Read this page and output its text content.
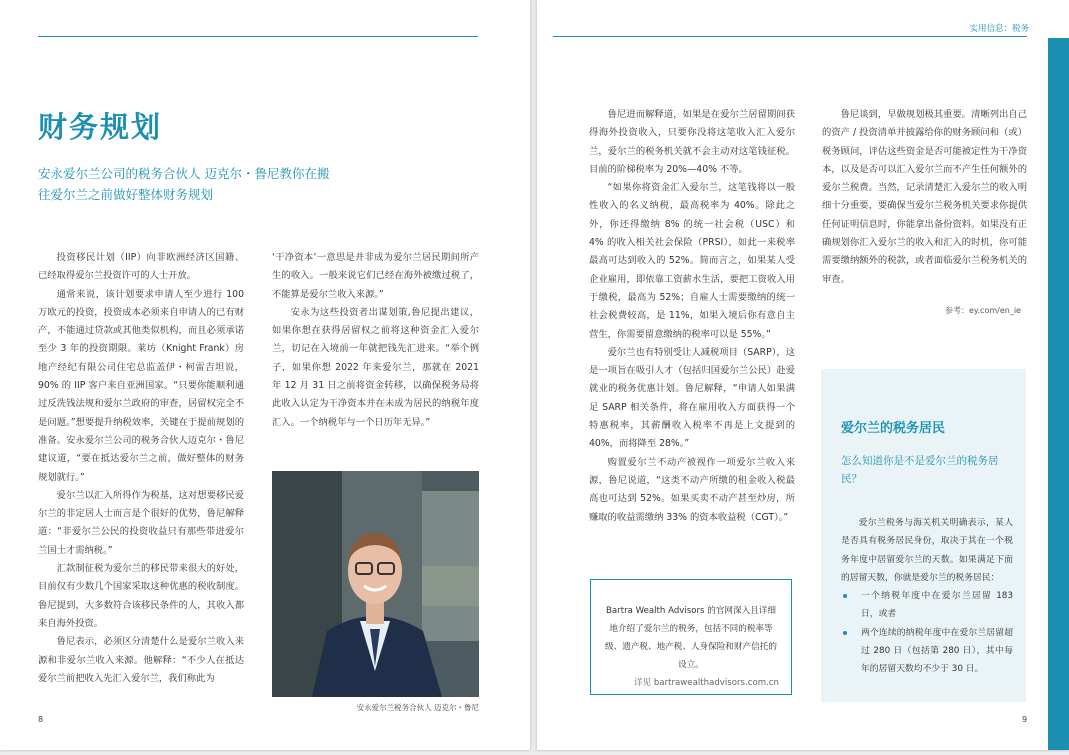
财务规划

安永爱尔兰公司的税务合伙人 迈克尔・鲁尼教你在搬往爱尔兰之前做好整体财务规划

投资移民计划（IIP）向非欧洲经济区国籍、已经取得爱尔兰投资许可的人士开放。

通常来说，该计划要求申请人至少进行 100 万欧元的投资，投资成本必须来自申请人的已有财产，不能通过贷款或其他类似机构，而且必须承诺至少 3 年的投资期限。莱坊（Knight Frank）房地产经纪有限公司住宅总监盖伊・柯雷吉坦说，90% 的 IIP 客户来自亚洲国家。“只要你能顺利通过反洗钱法规和爱尔兰政府的审查，居留权完全不是问题。”想要提升纳税效率，关键在于提前规划的准备。安永爱尔兰公司的税务合伙人迈克尔・鲁尼建议道，“要在抵达爱尔兰之前，做好整体的财务规划就行。”

爱尔兰以汇入所得作为税基，这对想要移民爱尔兰的非定居人士而言是个很好的优势，鲁尼解释道：“非爱尔兰公民的投资收益只有那些带进爱尔兰国土才需纳税。”

汇款制征税为爱尔兰的移民带来很大的好处，目前仅有少数几个国家采取这种优惠的税收制度。鲁尼提到，大多数符合该移民条件的人，其收入都来自海外投资。

鲁尼表示，必须区分清楚什么是爱尔兰收入来源和非爱尔兰收入来源。他解释：“不少人在抵达爱尔兰前把收入先汇入爱尔兰，我们称此为

‘干净资本’一意思是并非成为爱尔兰居民期间所产生的收入。一般来说它们已经在海外被缴过税了，不能算是爱尔兰收入来源。”

安永为这些投资者出谋划策,鲁尼提出建议，如果你想在获得居留权之前将这种资金汇入爱尔兰，切记在入境前一年就把钱先汇进来。“举个例子，如果你想 2022 年来爱尔兰，那就在 2021 年 12 月 31 日之前将资金转移，以确保税务局将此收入认定为干净资本并在未成为居民的纳税年度汇入。一个纳税年与一个日历年无异。”

安永爱尔兰税务合伙人 迈克尔・鲁尼
8
实用信息：税务

鲁尼进而解释道，如果是在爱尔兰居留期间获得海外投资收入，只要你没将这笔收入汇入爱尔兰，爱尔兰的税务机关就不会主动对这笔钱征税。目前的阶梯税率为 20%—40% 不等。

“如果你将资金汇入爱尔兰，这笔钱将以一般性收入的名义纳税，最高税率为 40%。除此之外，你还得缴纳 8% 的统一社会税（USC）和 4% 的收入相关社会保险（PRSI），如此一来税率最高可达到收入的 52%。简而言之，如果某人受企业雇用，即依靠工资薪水生活，要把工资收入用于缴税，最高为 52%；自雇人士需要缴纳的统一社会税费较高，是 11%，如果入境后你有意自主营生，你需要留意缴纳的税率可以是 55%。”

爱尔兰也有特别受让人减税项目（SARP），这是一项旨在吸引人才（包括归国爱尔兰公民）赴爱就业的税务优惠计划。鲁尼解释，“申请人如果满足 SARP 相关条件，将在雇用收入方面获得一个特惠税率，其薪酬收入税率不再是上文提到的 40%，而将降至 28%。”

购置爱尔兰不动产被视作一项爱尔兰收入来源，鲁尼说道，“这类不动产所缴的租金收入税最高也可达到 52%。如果买卖不动产甚至炒房，所赚取的收益需缴纳 33% 的资本收益税（CGT）。”

鲁尼谈到，早做规划极其重要。清晰列出自己的资产 / 投资清单并披露给你的财务顾问和（或）税务顾问，评估这些资金是否可能被定性为干净资本，以及是否可以汇入爱尔兰而不产生任何额外的爱尔兰税费。当然，记录清楚汇入爱尔兰的收入明细十分重要，要确保当爱尔兰税务机关要求你提供任何证明信息时，你能拿出备份资料。如果没有正确规划你汇入爱尔兰的收入和汇入的时机，你可能需要缴纳额外的税款，或者面临爱尔兰税务机关的审查。

参考：ey.com/en_ie
Bartra Wealth Advisors 的官网深入且详细地介绍了爱尔兰的税务，包括不同的税率等级、遗产税、地产税、人身保险和财产信托的设立。
详见 bartrawealthadvisors.com.cn
爱尔兰的税务居民

怎么知道你是不是爱尔兰的税务居民？

爱尔兰税务与海关机关明确表示，某人是否具有税务居民身份，取决于其在一个税务年度中居留爱尔兰的天数。如果满足下面的居留天数，你就是爱尔兰的税务居民：

一个纳税年度中在爱尔兰居留 183 日，或者
两个连续的纳税年度中在爱尔兰居留超过 280 日（包括第 280 日），其中每年的居留天数均不少于 30 日。
9
